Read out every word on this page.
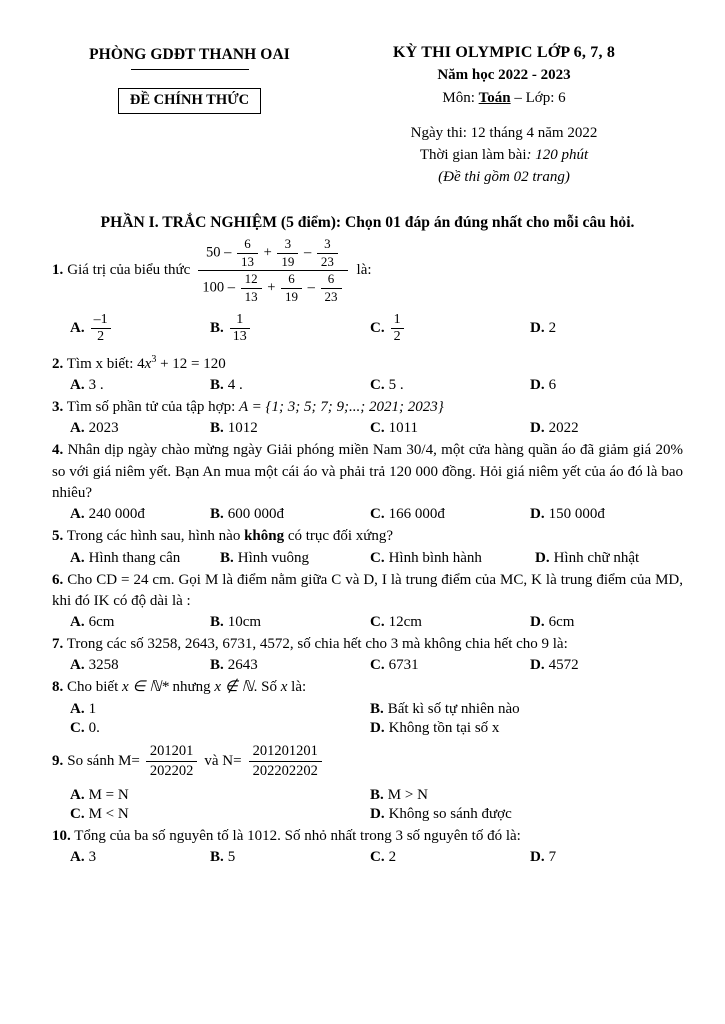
PHÒNG GDĐT THANH OAI
ĐỀ CHÍNH THỨC
KỲ THI OLYMPIC LỚP 6, 7, 8
Năm học 2022 - 2023
Môn: Toán – Lớp: 6
Ngày thi: 12 tháng 4 năm 2022
Thời gian làm bài: 120 phút
(Đề thi gồm 02 trang)
PHẦN I. TRẮC NGHIỆM (5 điểm): Chọn 01 đáp án đúng nhất cho mỗi câu hỏi.
1. Giá trị của biểu thức
$50 - \frac{6}{13} + \frac{3}{19} - \frac{3}{23}$
$100 - \frac{12}{13} + \frac{6}{19} - \frac{6}{23}$
là:
A. $\frac{-1}{2}$	B. $\frac{1}{13}$	C. $\frac{1}{2}$	D. 2
2. Tìm x biết: $4x^3 + 12 = 120$
A. 3 .	B. 4 .	C. 5 .	D. 6
3. Tìm số phần tử của tập hợp: A = {1; 3; 5; 7; 9;...; 2021; 2023}
A. 2023	B. 1012	C. 1011	D. 2022
4. Nhân dịp ngày chào mừng ngày Giải phóng miền Nam 30/4, một cửa hàng quần áo đã giảm giá 20% so với giá niêm yết. Bạn An mua một cái áo và phải trả 120 000 đồng. Hỏi giá niêm yết của áo đó là bao nhiêu?
A. 240 000đ	B. 600 000đ	C. 166 000đ	D. 150 000đ
5. Trong các hình sau, hình nào không có trục đối xứng?
A. Hình thang cân	B. Hình vuông	C. Hình bình hành	D. Hình chữ nhật
6. Cho CD = 24 cm. Gọi M là điểm nằm giữa C và D, I là trung điểm của MC, K là trung điểm của MD, khi đó IK có độ dài là :
A. 6cm	B. 10cm	C. 12cm	D. 6cm
7. Trong các số 3258, 2643, 6731, 4572, số chia hết cho 3 mà không chia hết cho 9 là:
A. 3258	B. 2643	C. 6731	D. 4572
8. Cho biết x ∈ ℕ* nhưng x ∉ ℕ. Số x là:
A. 1	B. Bất kì số tự nhiên nào
C. 0.	D. Không tồn tại số x
9. So sánh $M= \frac{201201}{202202}$ và $N= \frac{201201201}{202202202}$
A. M = N	B. M > N
C. M < N	D. Không so sánh được
10. Tổng của ba số nguyên tố là 1012. Số nhỏ nhất trong 3 số nguyên tố đó là:
A. 3	B. 5	C. 2	D. 7
